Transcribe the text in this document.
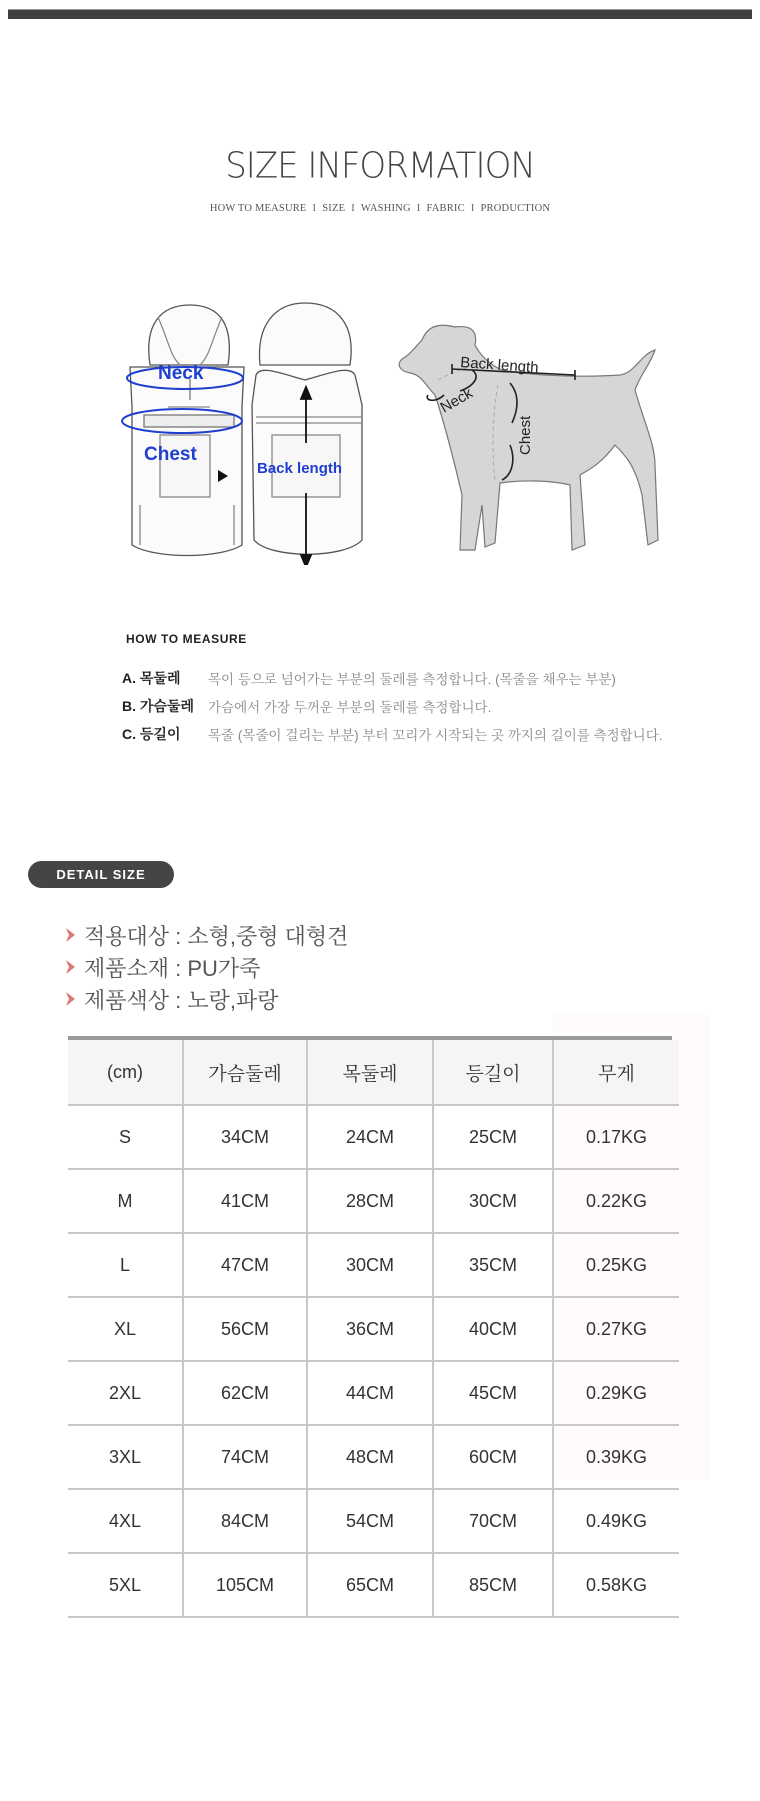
SIZE INFORMATION
HOW TO MEASURE I SIZE I WASHING I FABRIC I PRODUCTION
Neck
Chest
Back length
Back length
Neck
Chest
HOW TO MEASURE
A. 목둘레 목이 등으로 넘어가는 부분의 둘레를 측정합니다. (목줄을 채우는 부분)
B. 가슴둘레 가슴에서 가장 두꺼운 부분의 둘레를 측정합니다.
C. 등길이 목줄 (목줄이 걸리는 부분) 부터 꼬리가 시작되는 곳 까지의 길이를 측정합니다.
DETAIL SIZE
적용대상 : 소형,중형 대형견
제품소재 : PU가죽
제품색상 : 노랑,파랑
(cm)	가슴둘레	목둘레	등길이	무게
S	34CM	24CM	25CM	0.17KG
M	41CM	28CM	30CM	0.22KG
L	47CM	30CM	35CM	0.25KG
XL	56CM	36CM	40CM	0.27KG
2XL	62CM	44CM	45CM	0.29KG
3XL	74CM	48CM	60CM	0.39KG
4XL	84CM	54CM	70CM	0.49KG
5XL	105CM	65CM	85CM	0.58KG
